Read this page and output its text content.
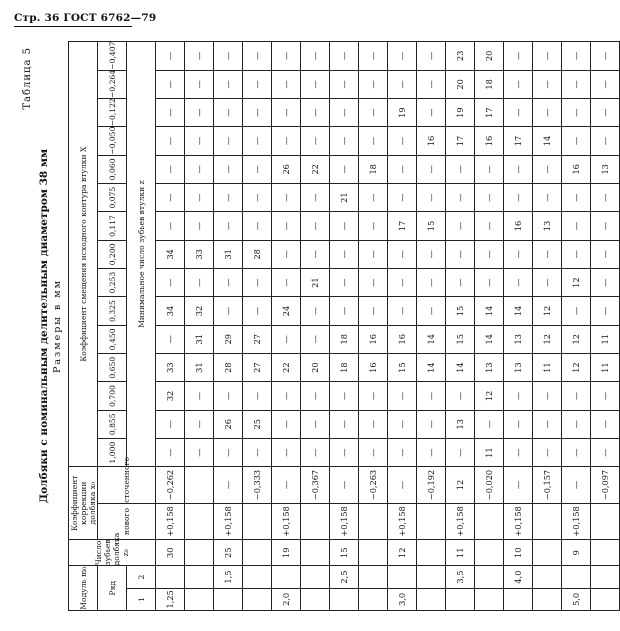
Стр. 36 ГОСТ 6762—79
Таблица 5
Долбяки с номинальным делительным диаметром 38 мм Размеры в мм
Модуль m₀		Число зубьев долбяка z₀	Коэффициент коррекции долбяка x₀		Коэффициент смещения исходного контура втулки X														
Ряд			нового	сточенного	1,000	0,855	0,700	0,650	0,450	0,325	0,253	0,200	0,117	0,075	0,060	−0,050	−0,122	−0,264	−0,407
1	2				Минимальное число зубьев втулки z														
1,25		30	+0,158	−0,262	—	—	32	33	—	34	—	34	—	—	—	—	—	—	—
					—	—	—	31	31	32	—	33	—	—	—	—	—	—	—
	1,5	25	+0,158	—	—	26	—	28	29	—	—	31	—	—	—	—	—	—	—
				−0,333	—	25	—	27	27	—	—	28	—	—	—	—	—	—	—
2,0		19	+0,158	—	—	—	—	22	—	24	—	—	—	—	26	—	—	—	—
				−0,367	—	—	—	20	—	—	21	—	—	—	22	—	—	—	—
	2,5	15	+0,158	—	—	—	—	18	18	—	—	—	—	21	—	—	—	—	—
				−0,263	—	—	—	16	16	—	—	—	—	—	18	—	—	—	—
3,0		12	+0,158	—	—	—	—	15	16	—	—	—	17	—	—	—	19	—	—
				−0,192	—	—	—	14	14	—	—	—	15	—	—	16	—	—	—
	3,5	11	+0,158	12	—	13	—	14	15	15	—	—	—	—	—	17	19	20	23
				−0,020	11	—	12	13	14	14	—	—	—	—	—	16	17	18	20
	4,0	10	+0,158	—	—	—	—	13	13	14	—	—	16	—	—	17	—	—	—
				−0,157	—	—	—	11	12	12	—	—	13	—	—	14	—	—	—
5,0		9	+0,158	—	—	—	—	12	12	—	12	—	—	—	16	—	—	—	—
				−0,097	—	—	—	11	11	—	—	—	—	—	13	—	—	—	—
